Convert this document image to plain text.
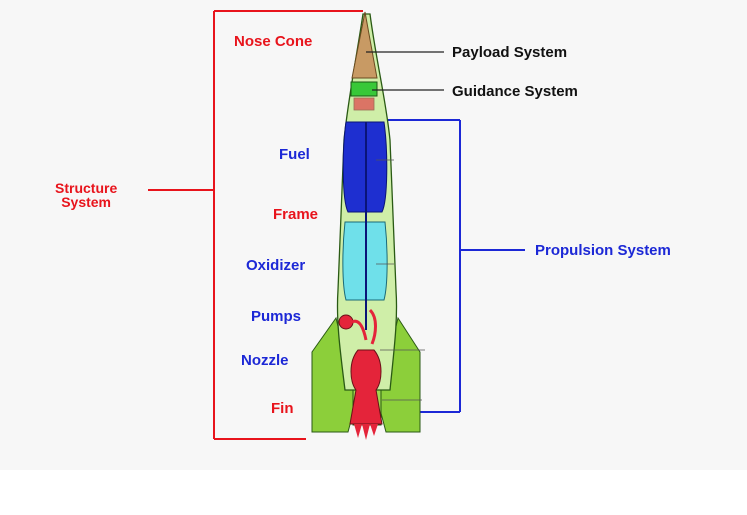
Nose Cone
Payload System
Guidance System
Fuel
Frame
Oxidizer
Pumps
Nozzle
Fin
Structure
System
Propulsion System
